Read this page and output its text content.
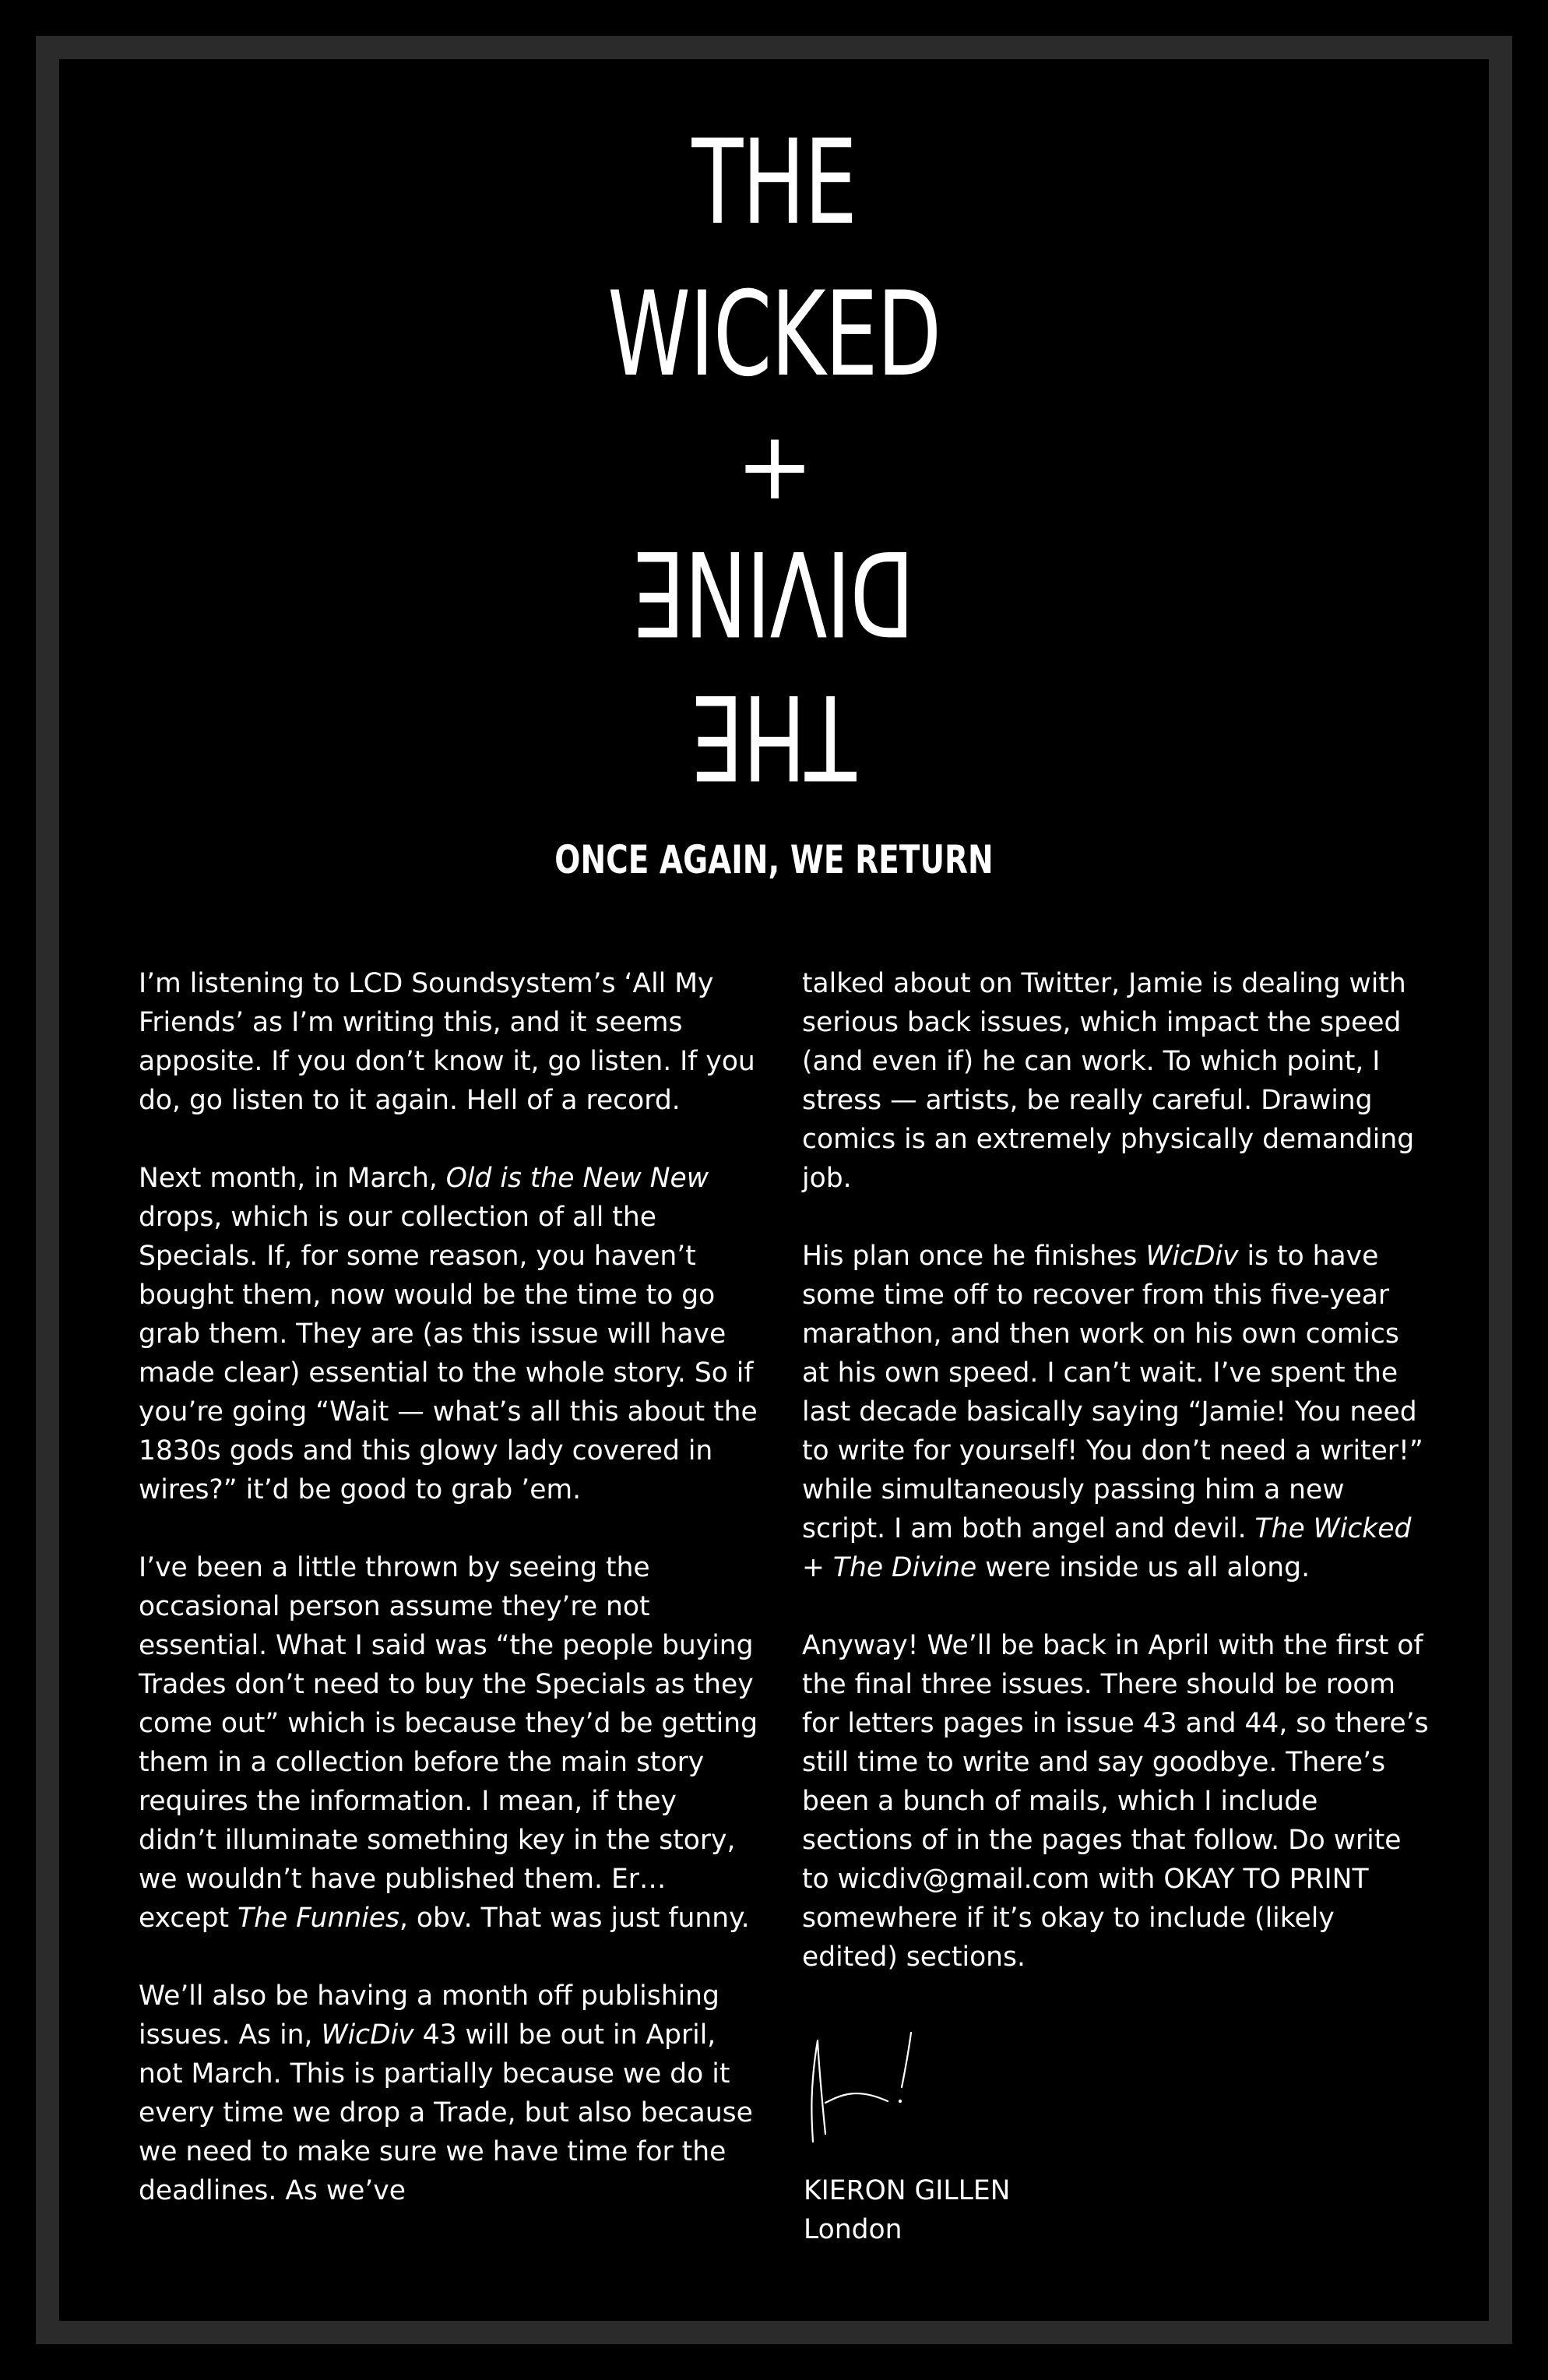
THE
WICKED
+
DIVINE
THE
ONCE AGAIN, WE RETURN

I’m listening to LCD Soundsystem’s ‘All My Friends’ as I’m writing this, and it seems apposite. If you don’t know it, go listen. If you do, go listen to it again. Hell of a record.

Next month, in March, Old is the New New drops, which is our collection of all the Specials. If, for some reason, you haven’t bought them, now would be the time to go grab them. They are (as this issue will have made clear) essential to the whole story. So if you’re going “Wait — what’s all this about the 1830s gods and this glowy lady covered in wires?” it’d be good to grab ’em.

I’ve been a little thrown by seeing the occasional person assume they’re not essential. What I said was “the people buying Trades don’t need to buy the Specials as they come out” which is because they’d be getting them in a collection before the main story requires the information. I mean, if they didn’t illuminate something key in the story, we wouldn’t have published them. Er… except The Funnies, obv. That was just funny.

We’ll also be having a month off publishing issues. As in, WicDiv 43 will be out in April, not March. This is partially because we do it every time we drop a Trade, but also because we need to make sure we have time for the deadlines. As we’ve

talked about on Twitter, Jamie is dealing with serious back issues, which impact the speed (and even if) he can work. To which point, I stress — artists, be really careful. Drawing comics is an extremely physically demanding job.

His plan once he finishes WicDiv is to have some time off to recover from this five-year marathon, and then work on his own comics at his own speed. I can’t wait. I’ve spent the last decade basically saying “Jamie! You need to write for yourself! You don’t need a writer!” while simultaneously passing him a new script. I am both angel and devil. The Wicked + The Divine were inside us all along.

Anyway! We’ll be back in April with the first of the final three issues. There should be room for letters pages in issue 43 and 44, so there’s still time to write and say goodbye. There’s been a bunch of mails, which I include sections of in the pages that follow. Do write to wicdiv@gmail.com with OKAY TO PRINT somewhere if it’s okay to include (likely edited) sections.

KIERON GILLEN
London
